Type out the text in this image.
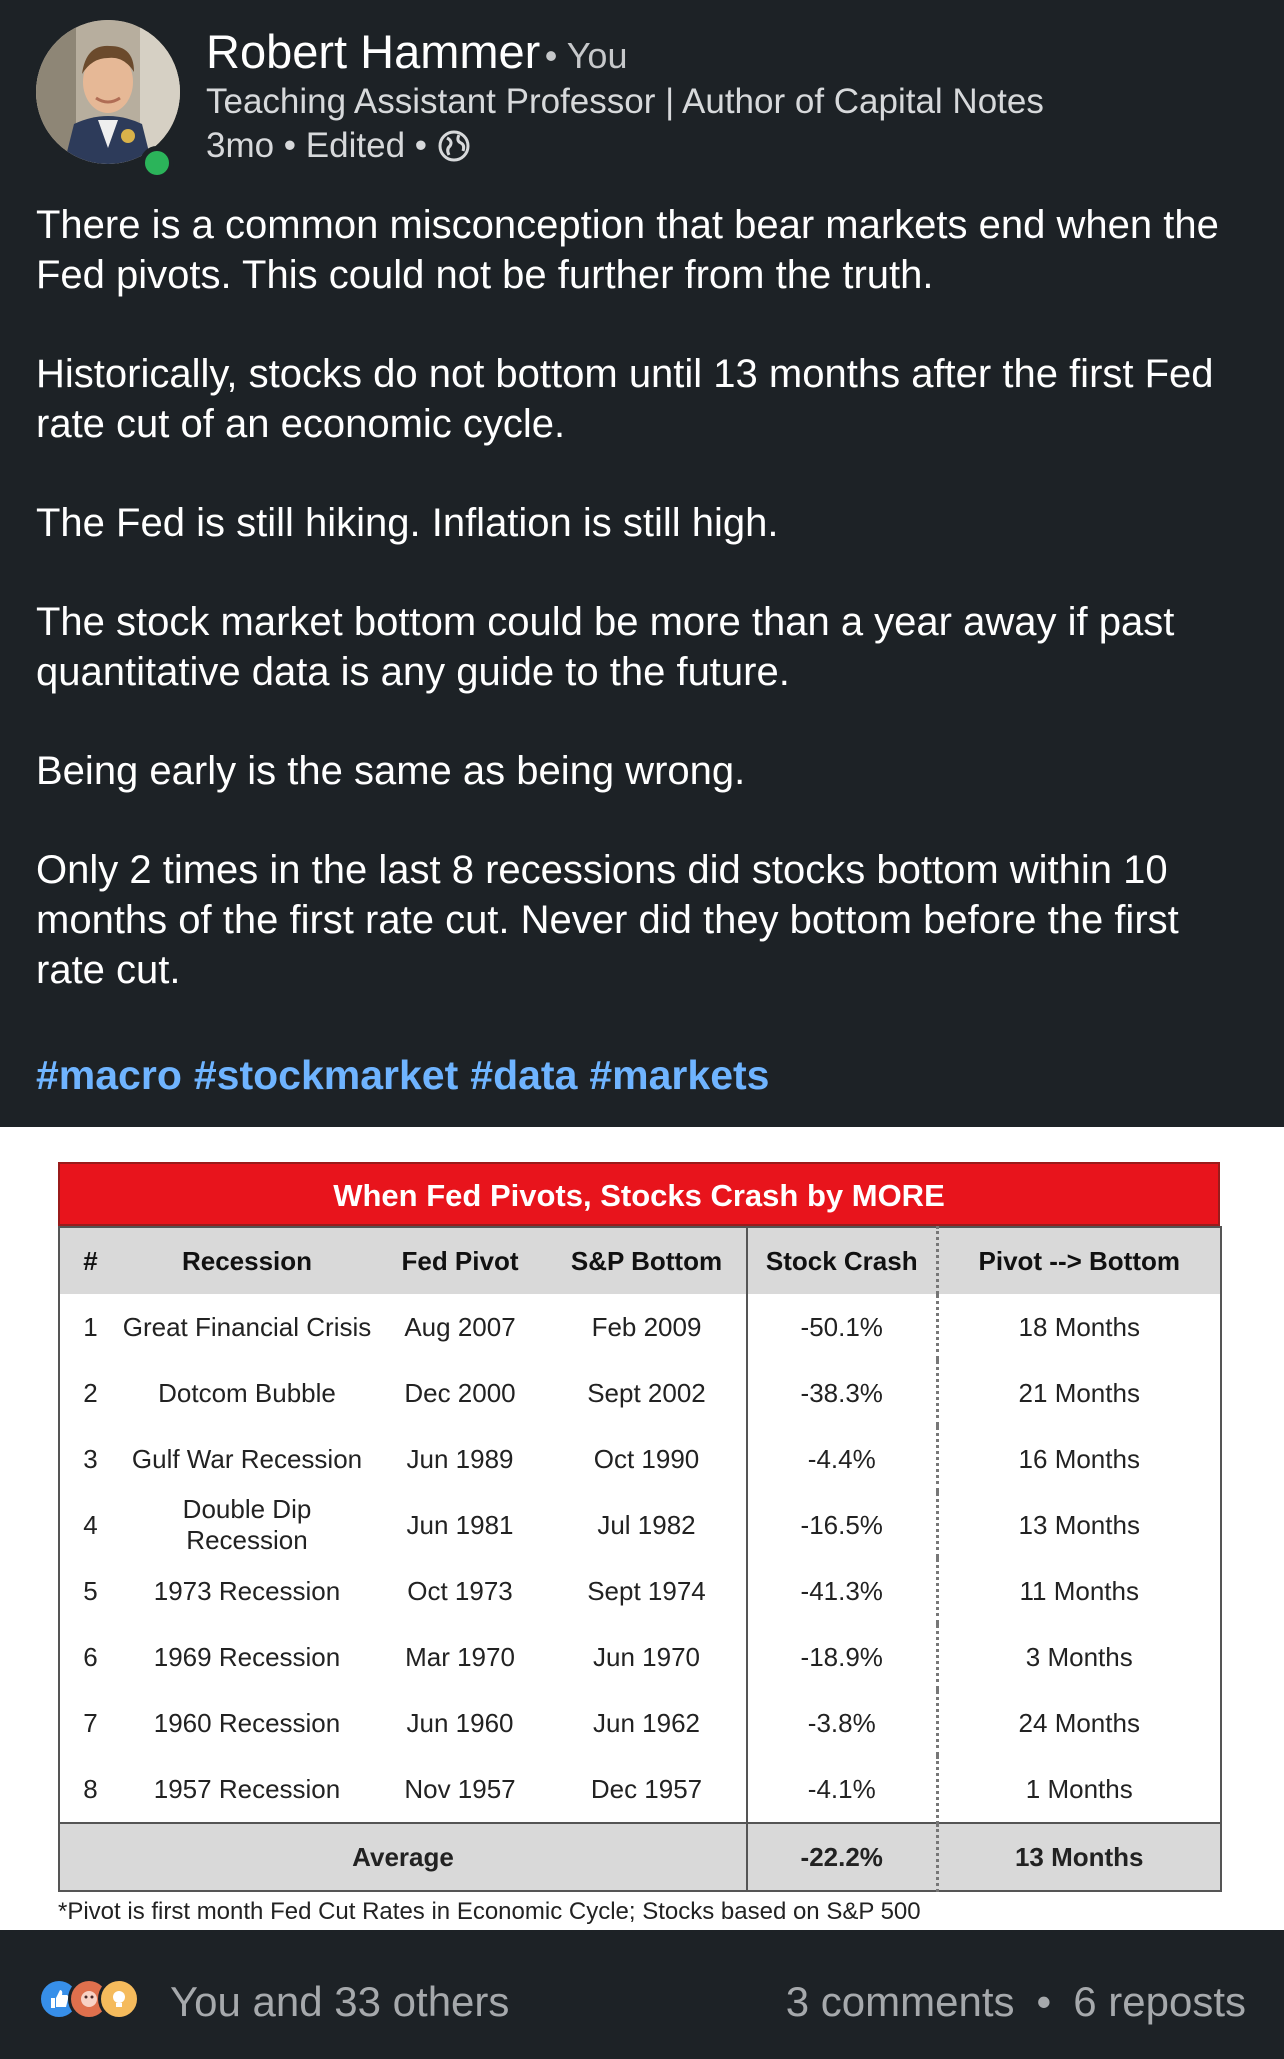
Robert Hammer • You
Teaching Assistant Professor | Author of Capital Notes
3mo • Edited •

There is a common misconception that bear markets end when the Fed pivots. This could not be further from the truth.

Historically, stocks do not bottom until 13 months after the first Fed rate cut of an economic cycle.

The Fed is still hiking. Inflation is still high.

The stock market bottom could be more than a year away if past quantitative data is any guide to the future.

Being early is the same as being wrong.

Only 2 times in the last 8 recessions did stocks bottom within 10 months of the first rate cut. Never did they bottom before the first rate cut.

#macro #stockmarket #data #markets
When Fed Pivots, Stocks Crash by MORE
#	Recession	Fed Pivot	S&P Bottom	Stock Crash	Pivot --> Bottom
1	Great Financial Crisis	Aug 2007	Feb 2009	-50.1%	18 Months
2	Dotcom Bubble	Dec 2000	Sept 2002	-38.3%	21 Months
3	Gulf War Recession	Jun 1989	Oct 1990	-4.4%	16 Months
4	Double Dip Recession	Jun 1981	Jul 1982	-16.5%	13 Months
5	1973 Recession	Oct 1973	Sept 1974	-41.3%	11 Months
6	1969 Recession	Mar 1970	Jun 1970	-18.9%	3 Months
7	1960 Recession	Jun 1960	Jun 1962	-3.8%	24 Months
8	1957 Recession	Nov 1957	Dec 1957	-4.1%	1 Months
Average				-22.2%	13 Months
*Pivot is first month Fed Cut Rates in Economic Cycle; Stocks based on S&P 500
You and 33 others	3 comments • 6 reposts
